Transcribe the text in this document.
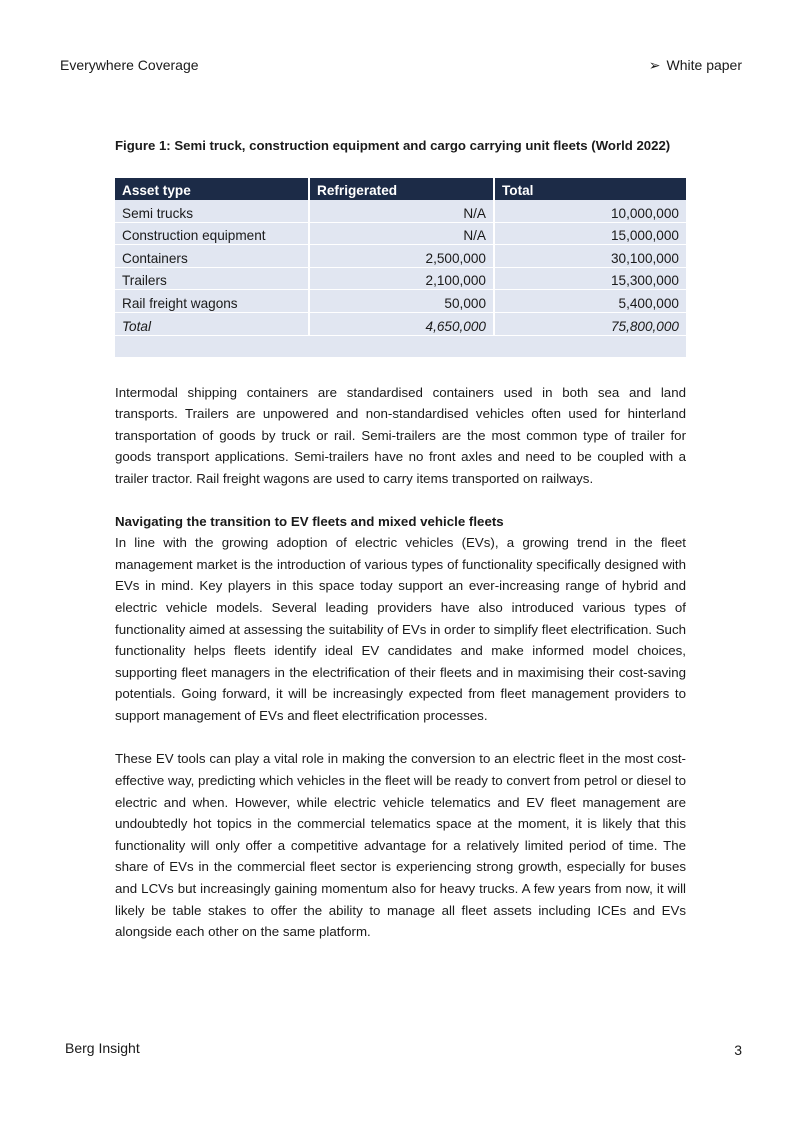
Everywhere Coverage	➢ White paper

Figure 1: Semi truck, construction equipment and cargo carrying unit fleets (World 2022)

Asset type	Refrigerated	Total
Semi trucks	N/A	10,000,000
Construction equipment	N/A	15,000,000
Containers	2,500,000	30,100,000
Trailers	2,100,000	15,300,000
Rail freight wagons	50,000	5,400,000
Total	4,650,000	75,800,000

Intermodal shipping containers are standardised containers used in both sea and land transports. Trailers are unpowered and non-standardised vehicles often used for hinterland transportation of goods by truck or rail. Semi-trailers are the most common type of trailer for goods transport applications. Semi-trailers have no front axles and need to be coupled with a trailer tractor. Rail freight wagons are used to carry items transported on railways.

Navigating the transition to EV fleets and mixed vehicle fleets

In line with the growing adoption of electric vehicles (EVs), a growing trend in the fleet management market is the introduction of various types of functionality specifically designed with EVs in mind. Key players in this space today support an ever-increasing range of hybrid and electric vehicle models. Several leading providers have also introduced various types of functionality aimed at assessing the suitability of EVs in order to simplify fleet electrification. Such functionality helps fleets identify ideal EV candidates and make informed model choices, supporting fleet managers in the electrification of their fleets and in maximising their cost-saving potentials. Going forward, it will be increasingly expected from fleet management providers to support management of EVs and fleet electrification processes.

These EV tools can play a vital role in making the conversion to an electric fleet in the most cost-effective way, predicting which vehicles in the fleet will be ready to convert from petrol or diesel to electric and when. However, while electric vehicle telematics and EV fleet management are undoubtedly hot topics in the commercial telematics space at the moment, it is likely that this functionality will only offer a competitive advantage for a relatively limited period of time. The share of EVs in the commercial fleet sector is experiencing strong growth, especially for buses and LCVs but increasingly gaining momentum also for heavy trucks. A few years from now, it will likely be table stakes to offer the ability to manage all fleet assets including ICEs and EVs alongside each other on the same platform.

Berg Insight	3
